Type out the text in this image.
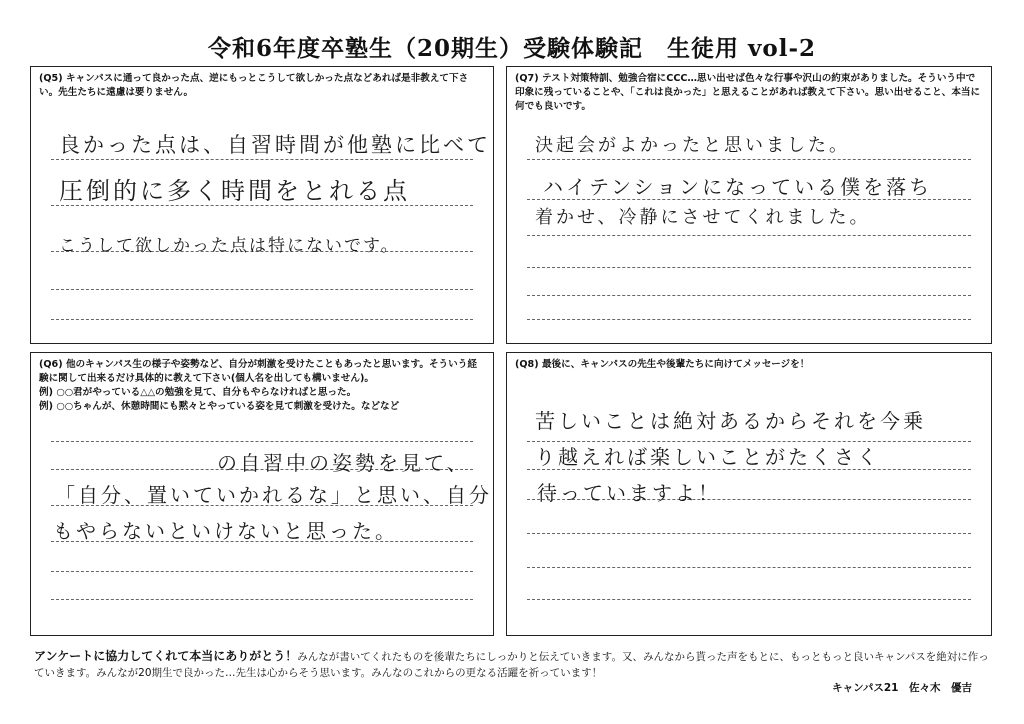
令和6年度卒塾生（20期生）受験体験記　生徒用 vol-2
(Q5) キャンパスに通って良かった点、逆にもっとこうして欲しかった点などあれば是非教えて下さい。先生たちに遠慮は要りません。
良かった点は、自習時間が他塾に比べて
圧倒的に多く時間をとれる点
こうして欲しかった点は特にないです。
(Q7) テスト対策特訓、勉強合宿にCCC…思い出せば色々な行事や沢山の約束がありました。そういう中で印象に残っていることや、「これは良かった」と思えることがあれば教えて下さい。思い出せること、本当に何でも良いです。
決起会がよかったと思いました。
ハイテンションになっている僕を落ち
着かせ、冷静にさせてくれました。
(Q6) 他のキャンパス生の様子や姿勢など、自分が刺激を受けたこともあったと思います。そういう経験に関して出来るだけ具体的に教えて下さい(個人名を出しても構いません)。
例) ○○君がやっている△△の勉強を見て、自分もやらなければと思った。
例) ○○ちゃんが、休憩時間にも黙々とやっている姿を見て刺激を受けた。などなど
の自習中の姿勢を見て、
「自分、置いていかれるな」と思い、自分
もやらないといけないと思った。
(Q8) 最後に、キャンパスの先生や後輩たちに向けてメッセージを！
苦しいことは絶対あるからそれを今乗
り越えれば楽しいことがたくさく
待っていますよ！
アンケートに協力してくれて本当にありがとう！みんなが書いてくれたものを後輩たちにしっかりと伝えていきます。又、みんなから貰った声をもとに、もっともっと良いキャンパスを絶対に作っていきます。みんなが20期生で良かった…先生は心からそう思います。みんなのこれからの更なる活躍を祈っています！
キャンパス21　佐々木　優吉
